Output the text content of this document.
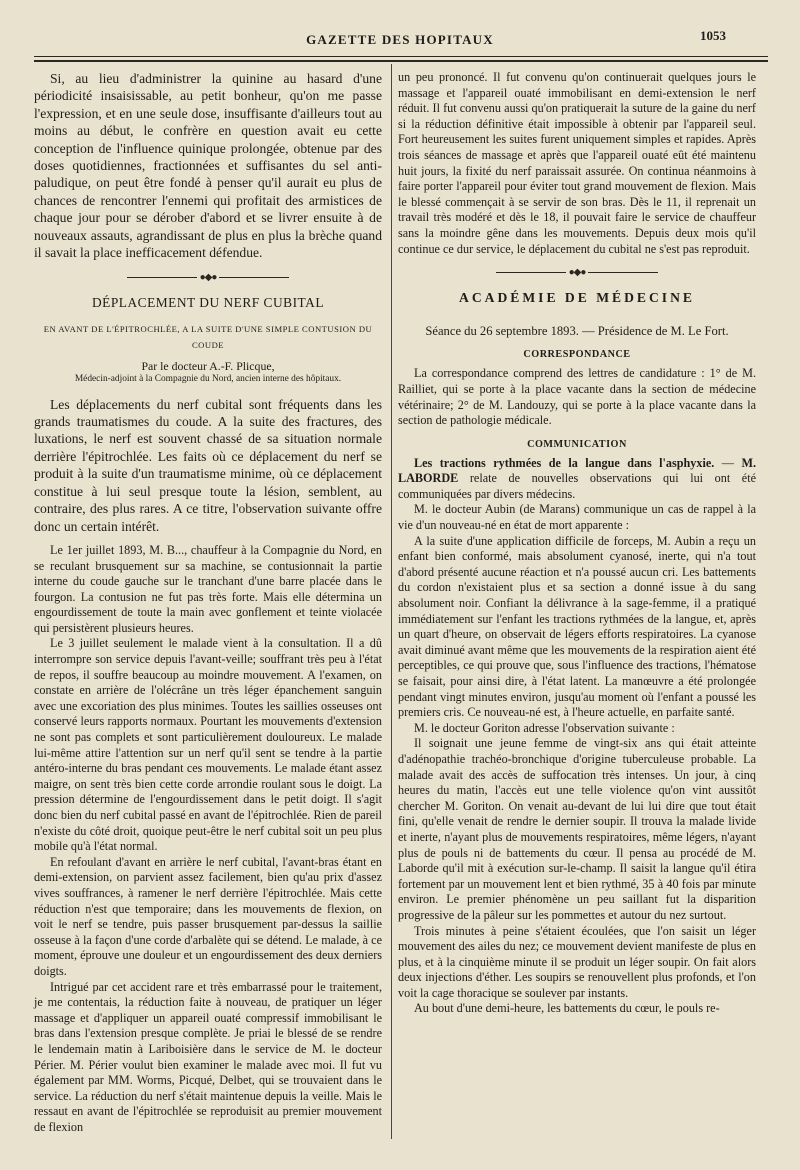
GAZETTE DES HOPITAUX	1053

Si, au lieu d'administrer la quinine au hasard d'une périodicité insaisissable, au petit bonheur, qu'on me passe l'expression, et en une seule dose, insuffisante d'ailleurs tout au moins au début, le confrère en question avait eu cette conception de l'influence quinique prolongée, obtenue par des doses quotidiennes, fractionnées et suffisantes du sel anti-paludique, on peut être fondé à penser qu'il aurait eu plus de chances de rencontrer l'ennemi qui profitait des armistices de chaque jour pour se dérober d'abord et se livrer ensuite à de nouveaux assauts, agrandissant de plus en plus la brèche quand il savait la place inefficacement défendue.

●◆●
DÉPLACEMENT DU NERF CUBITAL
EN AVANT DE L'ÉPITROCHLÉE, A LA SUITE D'UNE SIMPLE CONTUSION DU COUDE
Par le docteur A.-F. Plicque,
Médecin-adjoint à la Compagnie du Nord, ancien interne des hôpitaux.

Les déplacements du nerf cubital sont fréquents dans les grands traumatismes du coude. A la suite des fractures, des luxations, le nerf est souvent chassé de sa situation normale derrière l'épitrochlée. Les faits où ce déplacement du nerf se produit à la suite d'un traumatisme minime, où ce déplacement constitue à lui seul presque toute la lésion, semblent, au contraire, des plus rares. A ce titre, l'observation suivante offre donc un certain intérêt.

Le 1er juillet 1893, M. B..., chauffeur à la Compagnie du Nord, en se reculant brusquement sur sa machine, se contusionnait la partie interne du coude gauche sur le tranchant d'une barre placée dans le fourgon. La contusion ne fut pas très forte. Mais elle détermina un engourdissement de toute la main avec gonflement et teinte violacée qui persistèrent plusieurs heures.

Le 3 juillet seulement le malade vient à la consultation. Il a dû interrompre son service depuis l'avant-veille; souffrant très peu à l'état de repos, il souffre beaucoup au moindre mouvement. A l'examen, on constate en arrière de l'olécrâne un très léger épanchement sanguin avec une excoriation des plus minimes. Toutes les saillies osseuses ont conservé leurs rapports normaux. Pourtant les mouvements d'extension ne sont pas complets et sont particulièrement douloureux. Le malade lui-même attire l'attention sur un nerf qu'il sent se tendre à la partie antéro-interne du bras pendant ces mouvements. Le malade étant assez maigre, on sent très bien cette corde arrondie roulant sous le doigt. La pression détermine de l'engourdissement dans le petit doigt. Il s'agit donc bien du nerf cubital passé en avant de l'épitrochlée. Rien de pareil n'existe du côté droit, quoique peut-être le nerf cubital soit un peu plus mobile qu'à l'état normal.

En refoulant d'avant en arrière le nerf cubital, l'avant-bras étant en demi-extension, on parvient assez facilement, bien qu'au prix d'assez vives souffrances, à ramener le nerf derrière l'épitrochlée. Mais cette réduction n'est que temporaire; dans les mouvements de flexion, on voit le nerf se tendre, puis passer brusquement par-dessus la saillie osseuse à la façon d'une corde d'arbalète qui se détend. Le malade, à ce moment, éprouve une douleur et un engourdissement des deux derniers doigts.

Intrigué par cet accident rare et très embarrassé pour le traitement, je me contentais, la réduction faite à nouveau, de pratiquer un léger massage et d'appliquer un appareil ouaté compressif immobilisant le bras dans l'extension presque complète. Je priai le blessé de se rendre le lendemain matin à Lariboisière dans le service de M. le docteur Périer. M. Périer voulut bien examiner le malade avec moi. Il fut vu également par MM. Worms, Picqué, Delbet, qui se trouvaient dans le service. La réduction du nerf s'était maintenue depuis la veille. Mais le ressaut en avant de l'épitrochlée se reproduisit au premier mouvement de flexion

un peu prononcé. Il fut convenu qu'on continuerait quelques jours le massage et l'appareil ouaté immobilisant en demi-extension le nerf réduit. Il fut convenu aussi qu'on pratiquerait la suture de la gaine du nerf si la réduction définitive était impossible à obtenir par l'appareil seul. Fort heureusement les suites furent uniquement simples et rapides. Après trois séances de massage et après que l'appareil ouaté eût été maintenu huit jours, la fixité du nerf paraissait assurée. On continua néanmoins à faire porter l'appareil pour éviter tout grand mouvement de flexion. Mais le blessé commençait à se servir de son bras. Dès le 11, il reprenait un travail très modéré et dès le 18, il pouvait faire le service de chauffeur sans la moindre gêne dans les mouvements. Depuis deux mois qu'il continue ce dur service, le déplacement du cubital ne s'est pas reproduit.

●◆●
ACADÉMIE DE MÉDECINE
Séance du 26 septembre 1893. — Présidence de M. Le Fort.
CORRESPONDANCE

La correspondance comprend des lettres de candidature : 1° de M. Railliet, qui se porte à la place vacante dans la section de médecine vétérinaire; 2° de M. Landouzy, qui se porte à la place vacante dans la section de pathologie médicale.

COMMUNICATION

Les tractions rythmées de la langue dans l'asphyxie. — M. LABORDE relate de nouvelles observations qui lui ont été communiquées par divers médecins.

M. le docteur Aubin (de Marans) communique un cas de rappel à la vie d'un nouveau-né en état de mort apparente :

A la suite d'une application difficile de forceps, M. Aubin a reçu un enfant bien conformé, mais absolument cyanosé, inerte, qui n'a tout d'abord présenté aucune réaction et n'a poussé aucun cri. Les battements du cordon n'existaient plus et sa section a donné issue à du sang absolument noir. Confiant la délivrance à la sage-femme, il a pratiqué immédiatement sur l'enfant les tractions rythmées de la langue, et, après un quart d'heure, on observait de légers efforts respiratoires. La cyanose avait diminué avant même que les mouvements de la respiration aient été perceptibles, ce qui prouve que, sous l'influence des tractions, l'hématose se faisait, pour ainsi dire, à l'état latent. La manœuvre a été prolongée pendant vingt minutes environ, jusqu'au moment où l'enfant a poussé les premiers cris. Ce nouveau-né est, à l'heure actuelle, en parfaite santé.

M. le docteur Goriton adresse l'observation suivante :

Il soignait une jeune femme de vingt-six ans qui était atteinte d'adénopathie trachéo-bronchique d'origine tuberculeuse probable. La malade avait des accès de suffocation très intenses. Un jour, à cinq heures du matin, l'accès eut une telle violence qu'on vint aussitôt chercher M. Goriton. On venait au-devant de lui lui dire que tout était fini, qu'elle venait de rendre le dernier soupir. Il trouva la malade livide et inerte, n'ayant plus de mouvements respiratoires, même légers, n'ayant plus de pouls ni de battements du cœur. Il pensa au procédé de M. Laborde qu'il mit à exécution sur-le-champ. Il saisit la langue qu'il étira fortement par un mouvement lent et bien rythmé, 35 à 40 fois par minute environ. Le premier phénomène un peu saillant fut la disparition progressive de la pâleur sur les pommettes et autour du nez surtout.

Trois minutes à peine s'étaient écoulées, que l'on saisit un léger mouvement des ailes du nez; ce mouvement devient manifeste de plus en plus, et à la cinquième minute il se produit un léger soupir. On fait alors deux injections d'éther. Les soupirs se renouvellent plus profonds, et l'on voit la cage thoracique se soulever par instants.

Au bout d'une demi-heure, les battements du cœur, le pouls re-
